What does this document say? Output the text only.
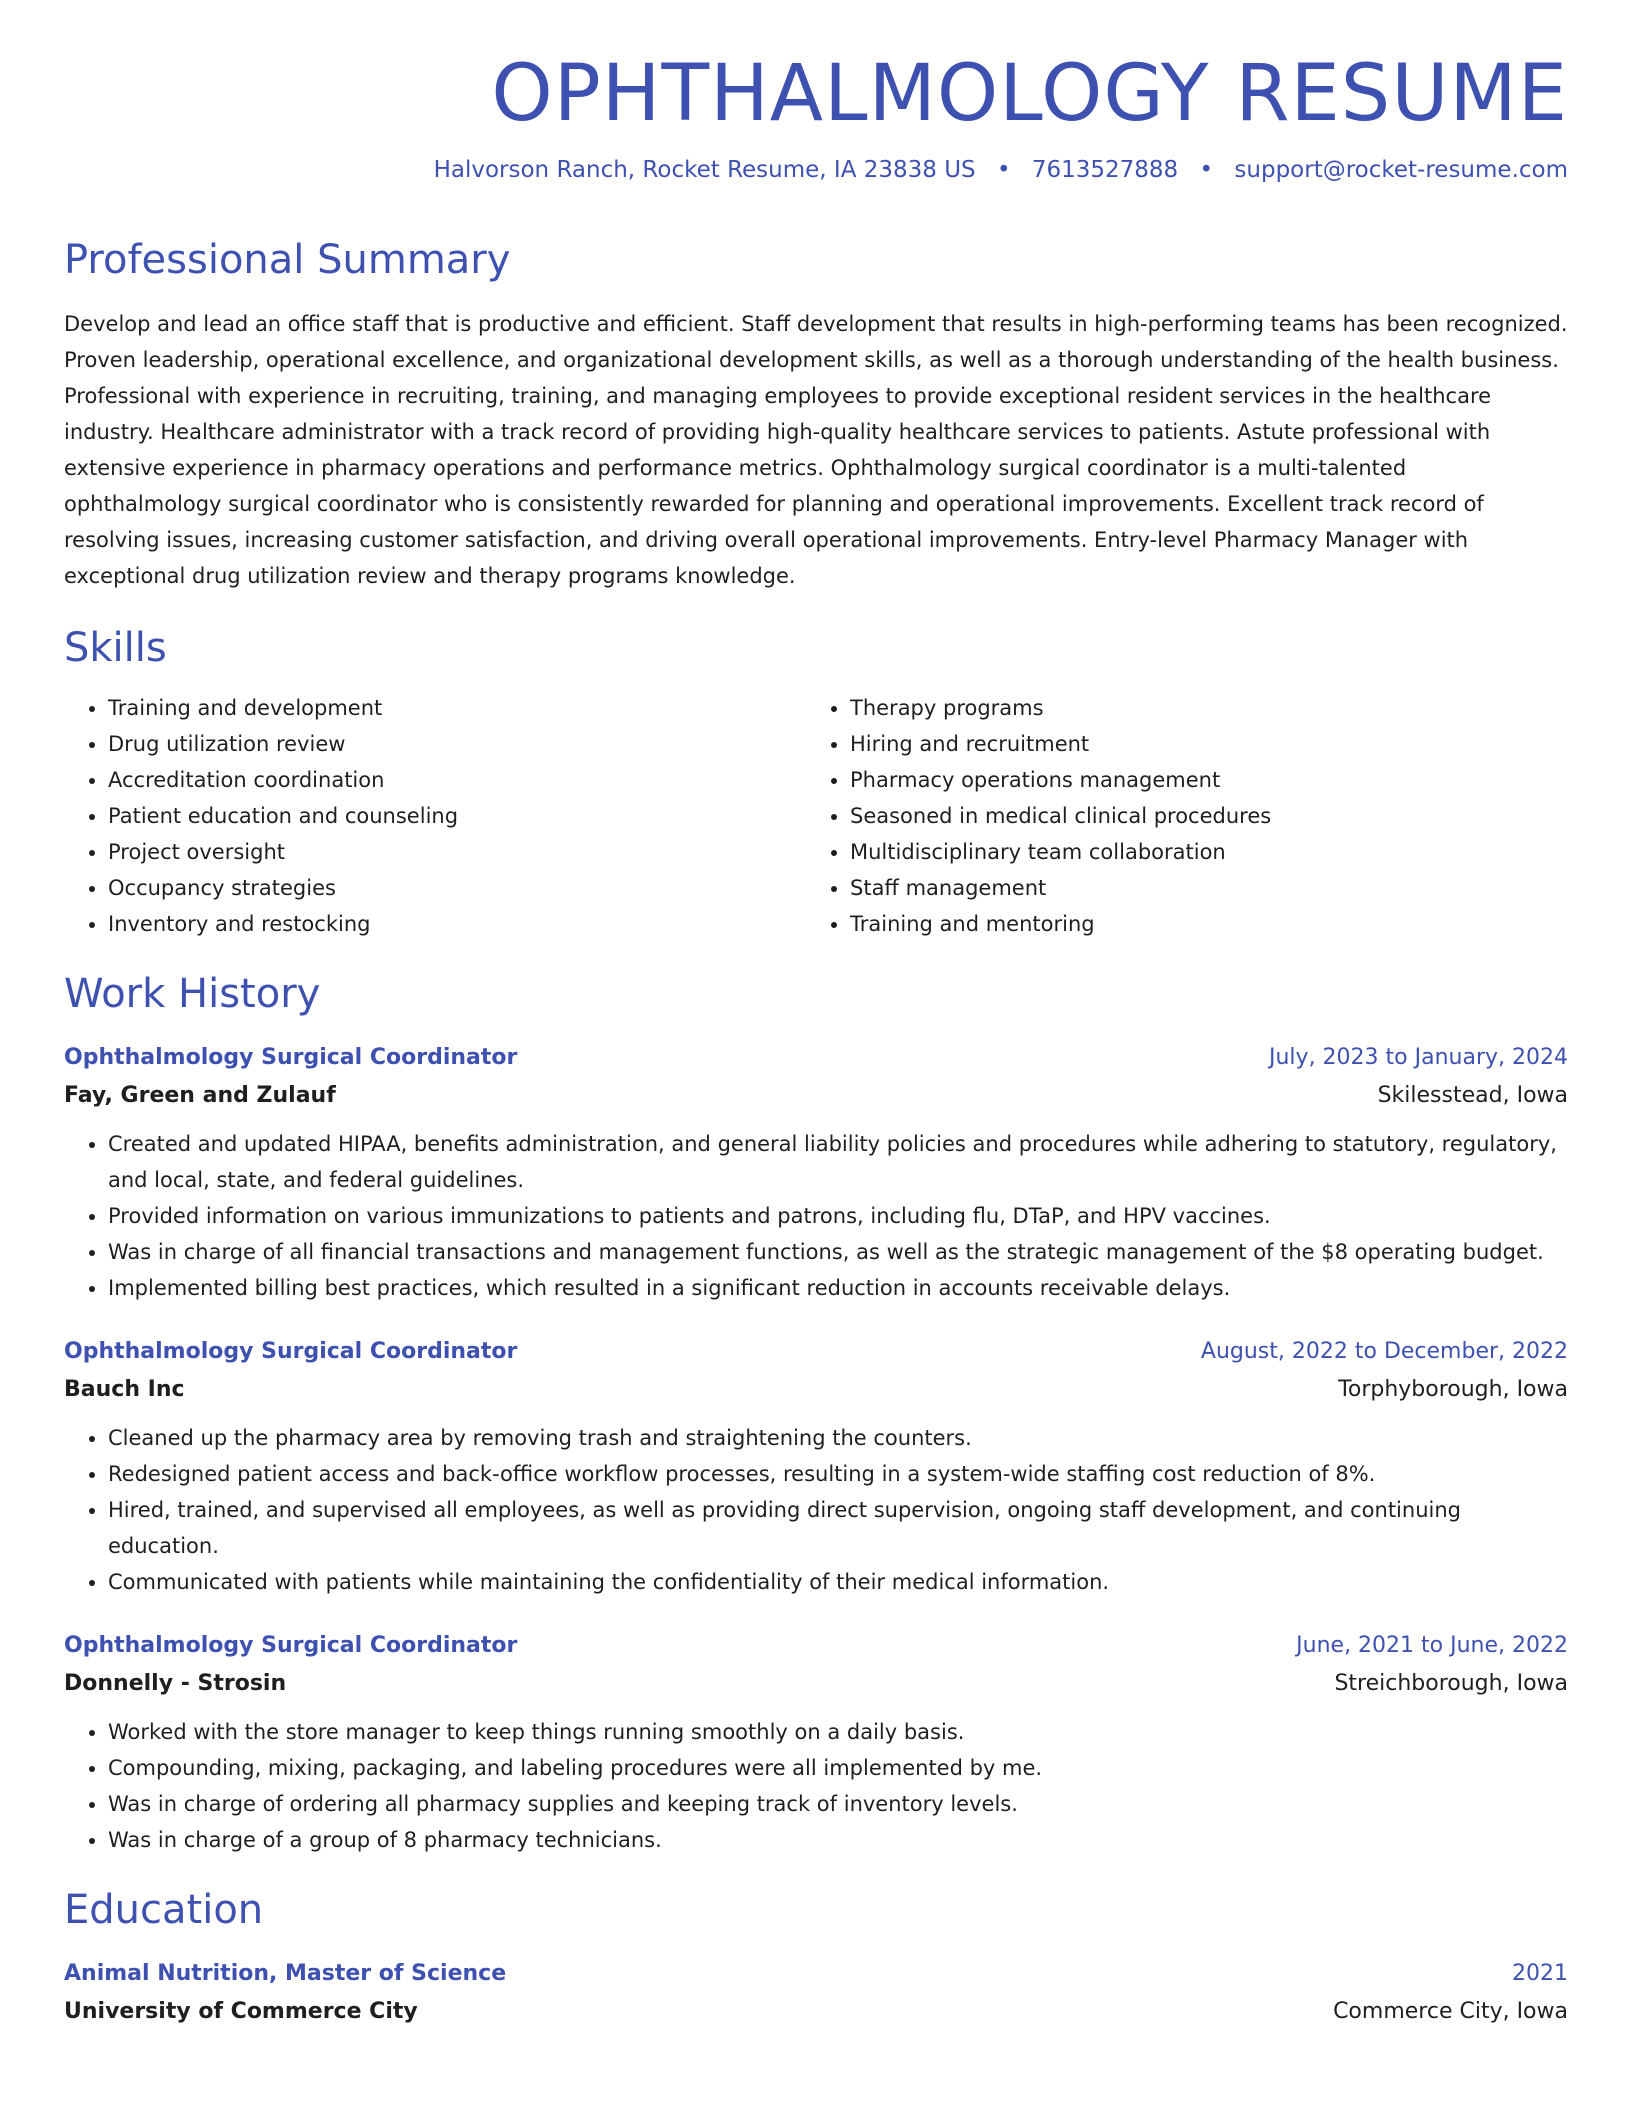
OPHTHALMOLOGY RESUME
Halvorson Ranch, Rocket Resume, IA 23838 US • 7613527888 • support@rocket-resume.com
Professional Summary
Develop and lead an office staff that is productive and efficient. Staff development that results in high-performing teams has been recognized. Proven leadership, operational excellence, and organizational development skills, as well as a thorough understanding of the health business. Professional with experience in recruiting, training, and managing employees to provide exceptional resident services in the healthcare industry. Healthcare administrator with a track record of providing high-quality healthcare services to patients. Astute professional with extensive experience in pharmacy operations and performance metrics. Ophthalmology surgical coordinator is a multi-talented ophthalmology surgical coordinator who is consistently rewarded for planning and operational improvements. Excellent track record of resolving issues, increasing customer satisfaction, and driving overall operational improvements. Entry-level Pharmacy Manager with exceptional drug utilization review and therapy programs knowledge.
Skills
• Training and development
• Drug utilization review
• Accreditation coordination
• Patient education and counseling
• Project oversight
• Occupancy strategies
• Inventory and restocking
• Therapy programs
• Hiring and recruitment
• Pharmacy operations management
• Seasoned in medical clinical procedures
• Multidisciplinary team collaboration
• Staff management
• Training and mentoring
Work History
Ophthalmology Surgical Coordinator	July, 2023 to January, 2024
Fay, Green and Zulauf	Skilesstead, Iowa
• Created and updated HIPAA, benefits administration, and general liability policies and procedures while adhering to statutory, regulatory, and local, state, and federal guidelines.
• Provided information on various immunizations to patients and patrons, including flu, DTaP, and HPV vaccines.
• Was in charge of all financial transactions and management functions, as well as the strategic management of the $8 operating budget.
• Implemented billing best practices, which resulted in a significant reduction in accounts receivable delays.
Ophthalmology Surgical Coordinator	August, 2022 to December, 2022
Bauch Inc	Torphyborough, Iowa
• Cleaned up the pharmacy area by removing trash and straightening the counters.
• Redesigned patient access and back-office workflow processes, resulting in a system-wide staffing cost reduction of 8%.
• Hired, trained, and supervised all employees, as well as providing direct supervision, ongoing staff development, and continuing education.
• Communicated with patients while maintaining the confidentiality of their medical information.
Ophthalmology Surgical Coordinator	June, 2021 to June, 2022
Donnelly - Strosin	Streichborough, Iowa
• Worked with the store manager to keep things running smoothly on a daily basis.
• Compounding, mixing, packaging, and labeling procedures were all implemented by me.
• Was in charge of ordering all pharmacy supplies and keeping track of inventory levels.
• Was in charge of a group of 8 pharmacy technicians.
Education
Animal Nutrition, Master of Science	2021
University of Commerce City	Commerce City, Iowa
